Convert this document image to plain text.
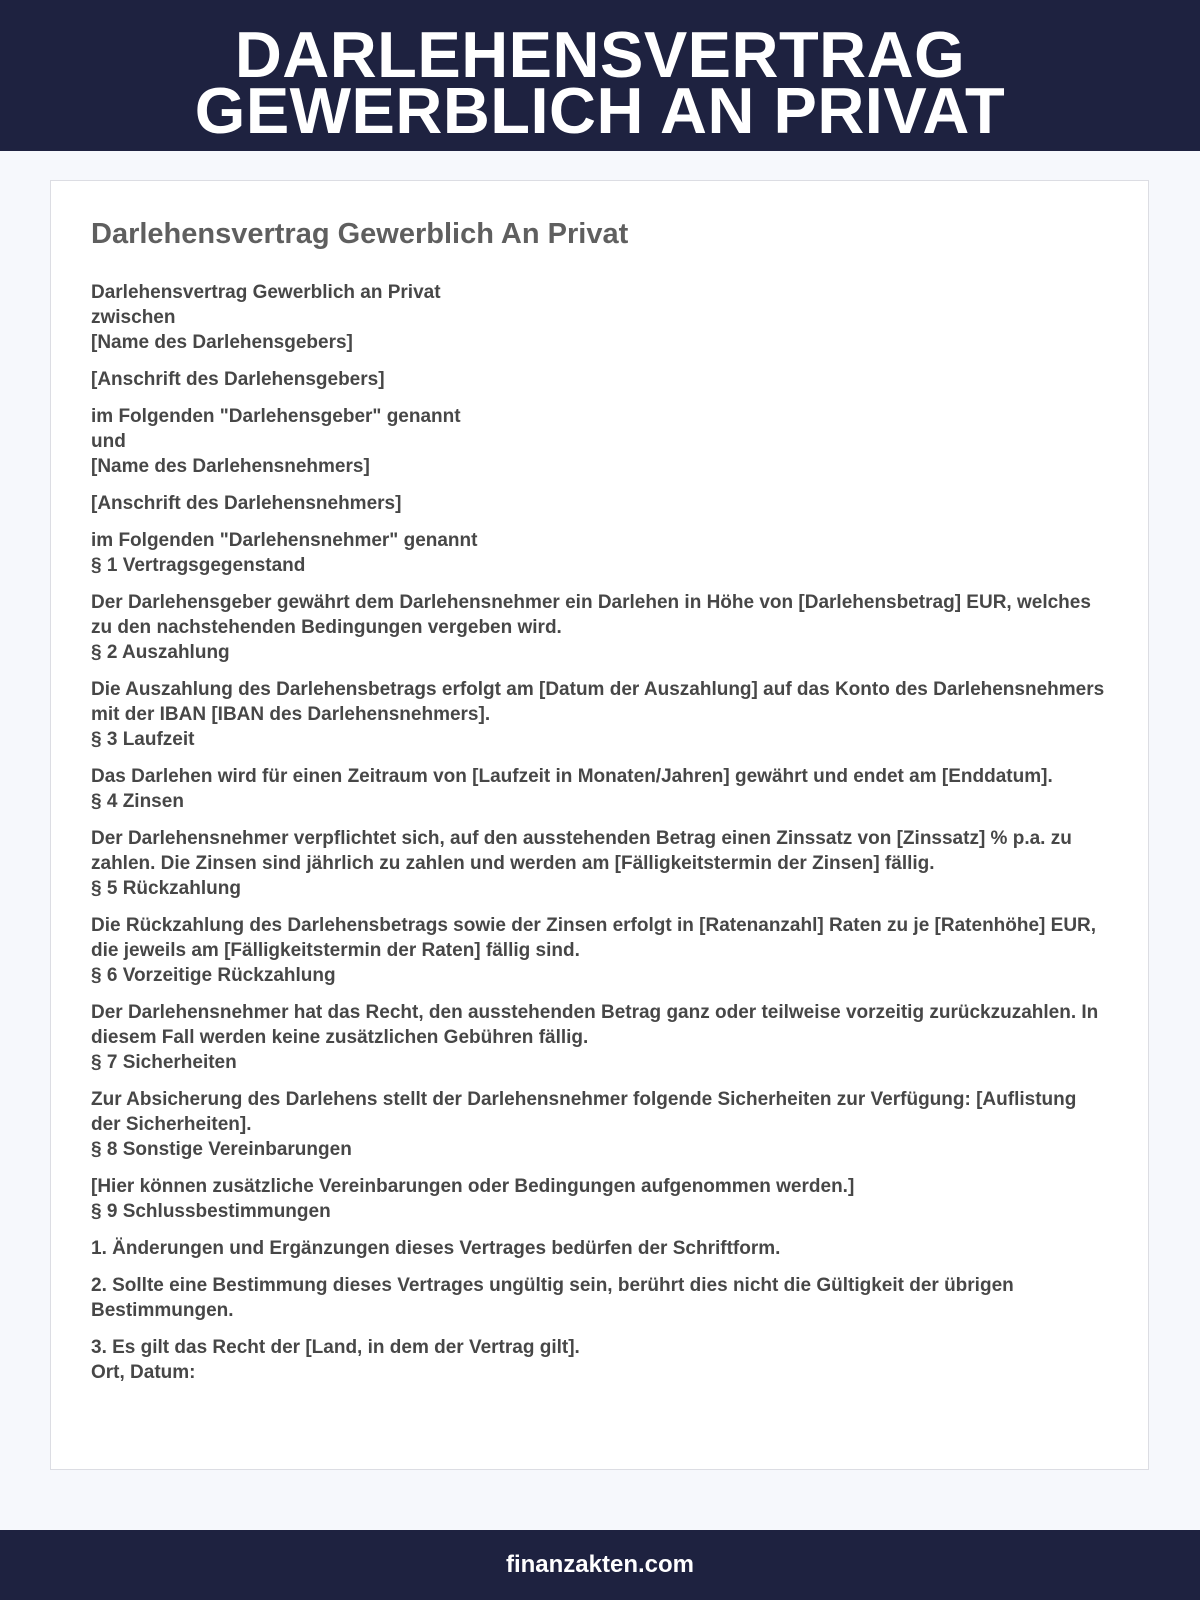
DARLEHENSVERTRAG
GEWERBLICH AN PRIVAT
Darlehensvertrag Gewerblich An Privat

Darlehensvertrag Gewerblich an Privat
zwischen
[Name des Darlehensgebers]

[Anschrift des Darlehensgebers]

im Folgenden "Darlehensgeber" genannt
und
[Name des Darlehensnehmers]

[Anschrift des Darlehensnehmers]

im Folgenden "Darlehensnehmer" genannt
§ 1 Vertragsgegenstand

Der Darlehensgeber gewährt dem Darlehensnehmer ein Darlehen in Höhe von [Darlehensbetrag] EUR, welches zu den nachstehenden Bedingungen vergeben wird.
§ 2 Auszahlung

Die Auszahlung des Darlehensbetrags erfolgt am [Datum der Auszahlung] auf das Konto des Darlehensnehmers mit der IBAN [IBAN des Darlehensnehmers].
§ 3 Laufzeit

Das Darlehen wird für einen Zeitraum von [Laufzeit in Monaten/Jahren] gewährt und endet am [Enddatum].
§ 4 Zinsen

Der Darlehensnehmer verpflichtet sich, auf den ausstehenden Betrag einen Zinssatz von [Zinssatz] % p.a. zu zahlen. Die Zinsen sind jährlich zu zahlen und werden am [Fälligkeitstermin der Zinsen] fällig.
§ 5 Rückzahlung

Die Rückzahlung des Darlehensbetrags sowie der Zinsen erfolgt in [Ratenanzahl] Raten zu je [Ratenhöhe] EUR, die jeweils am [Fälligkeitstermin der Raten] fällig sind.
§ 6 Vorzeitige Rückzahlung

Der Darlehensnehmer hat das Recht, den ausstehenden Betrag ganz oder teilweise vorzeitig zurückzuzahlen. In diesem Fall werden keine zusätzlichen Gebühren fällig.
§ 7 Sicherheiten

Zur Absicherung des Darlehens stellt der Darlehensnehmer folgende Sicherheiten zur Verfügung: [Auflistung der Sicherheiten].
§ 8 Sonstige Vereinbarungen

[Hier können zusätzliche Vereinbarungen oder Bedingungen aufgenommen werden.]
§ 9 Schlussbestimmungen

1. Änderungen und Ergänzungen dieses Vertrages bedürfen der Schriftform.

2. Sollte eine Bestimmung dieses Vertrages ungültig sein, berührt dies nicht die Gültigkeit der übrigen Bestimmungen.

3. Es gilt das Recht der [Land, in dem der Vertrag gilt].
Ort, Datum:

finanzakten.com
